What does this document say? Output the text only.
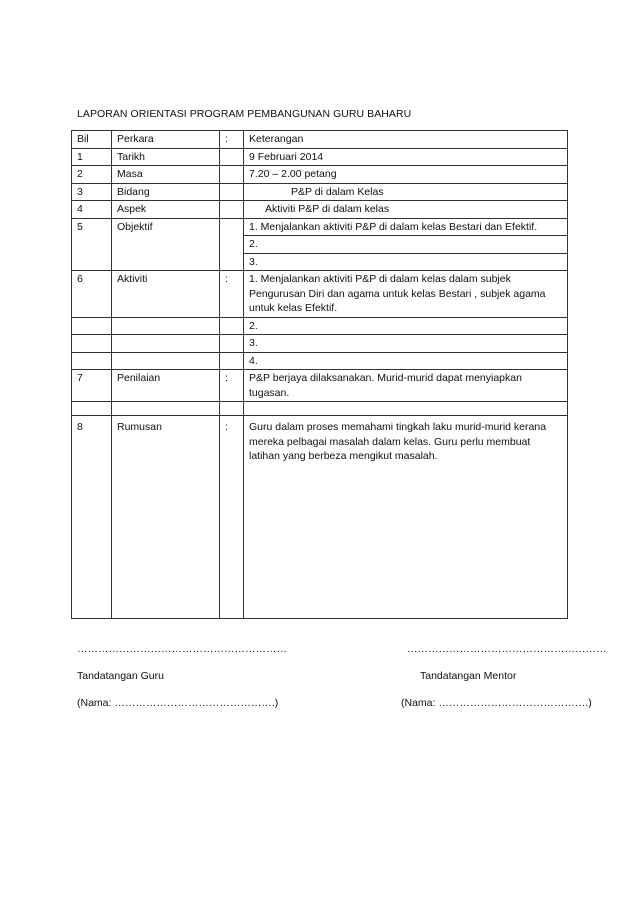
LAPORAN ORIENTASI PROGRAM PEMBANGUNAN GURU BAHARU
Bil	Perkara	:	Keterangan
1	Tarikh		9 Februari 2014
2	Masa		7.20 – 2.00 petang
3	Bidang		P&P di dalam Kelas
4	Aspek		Aktiviti P&P di dalam kelas
5	Objektif		1. Menjalankan aktiviti P&P di dalam kelas Bestari dan Efektif.
			2.
			3.
6	Aktiviti	:	1. Menjalankan aktiviti P&P di dalam kelas dalam subjek Pengurusan Diri dan agama untuk kelas Bestari , subjek agama untuk kelas Efektif.
			2.
			3.
			4.
7	Penilaian	:	P&P berjaya dilaksanakan. Murid-murid dapat menyiapkan tugasan.

8	Rumusan	:	Guru dalam proses memahami tingkah laku murid-murid kerana mereka pelbagai masalah dalam kelas. Guru perlu membuat latihan yang berbeza mengikut masalah.
……………………………………………………	…………………………………………………
Tandatangan Guru	Tandatangan Mentor
(Nama: ……………………………………….)	(Nama: …………………………………….)
